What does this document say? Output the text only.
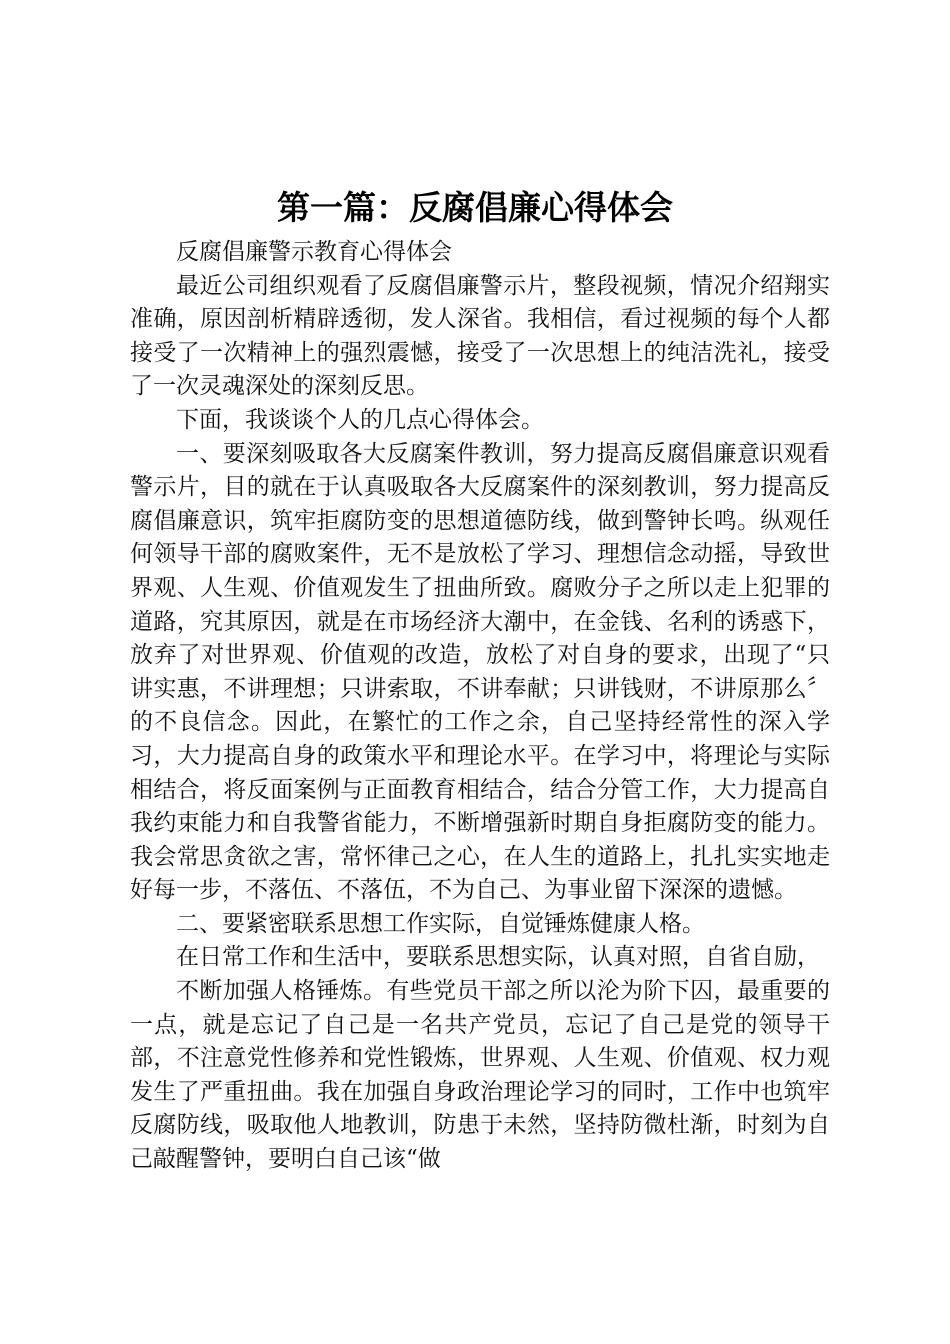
第一篇：反腐倡廉心得体会

反腐倡廉警示教育心得体会

最近公司组织观看了反腐倡廉警示片，整段视频，情况介绍翔实准确，原因剖析精辟透彻，发人深省。我相信，看过视频的每个人都接受了一次精神上的强烈震憾，接受了一次思想上的纯洁洗礼，接受了一次灵魂深处的深刻反思。

下面，我谈谈个人的几点心得体会。

一、要深刻吸取各大反腐案件教训，努力提高反腐倡廉意识观看警示片，目的就在于认真吸取各大反腐案件的深刻教训，努力提高反腐倡廉意识，筑牢拒腐防变的思想道德防线，做到警钟长鸣。纵观任何领导干部的腐败案件，无不是放松了学习、理想信念动摇，导致世界观、人生观、价值观发生了扭曲所致。腐败分子之所以走上犯罪的道路，究其原因，就是在市场经济大潮中，在金钱、名利的诱惑下，放弃了对世界观、价值观的改造，放松了对自身的要求，出现了“只讲实惠，不讲理想；只讲索取，不讲奉献；只讲钱财，不讲原那么〞的不良信念。因此，在繁忙的工作之余，自己坚持经常性的深入学习，大力提高自身的政策水平和理论水平。在学习中，将理论与实际相结合，将反面案例与正面教育相结合，结合分管工作，大力提高自我约束能力和自我警省能力，不断增强新时期自身拒腐防变的能力。我会常思贪欲之害，常怀律己之心，在人生的道路上，扎扎实实地走好每一步，不落伍、不落伍，不为自己、为事业留下深深的遗憾。

二、要紧密联系思想工作实际，自觉锤炼健康人格。

在日常工作和生活中，要联系思想实际，认真对照，自省自励，

不断加强人格锤炼。有些党员干部之所以沦为阶下囚，最重要的一点，就是忘记了自己是一名共产党员，忘记了自己是党的领导干部，不注意党性修养和党性锻炼，世界观、人生观、价值观、权力观发生了严重扭曲。我在加强自身政治理论学习的同时，工作中也筑牢反腐防线，吸取他人地教训，防患于未然，坚持防微杜渐，时刻为自己敲醒警钟，要明白自己该“做
